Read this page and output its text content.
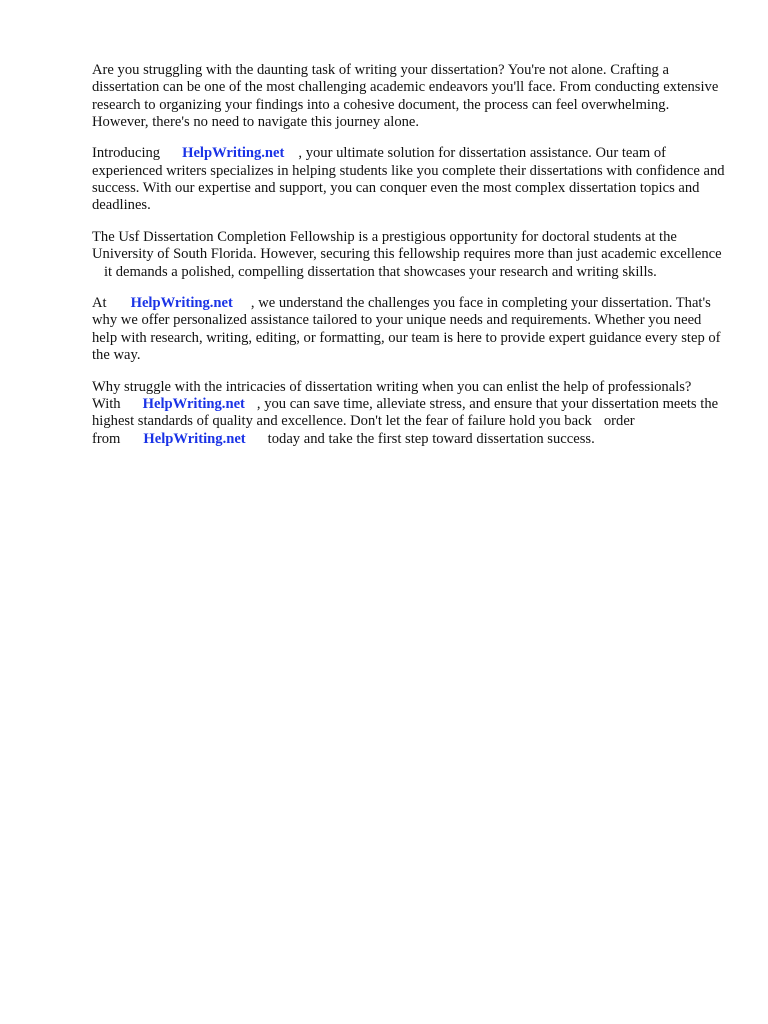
Are you struggling with the daunting task of writing your dissertation? You're not alone. Crafting a dissertation can be one of the most challenging academic endeavors you'll face. From conducting extensive research to organizing your findings into a cohesive document, the process can feel overwhelming. However, there's no need to navigate this journey alone.

Introducing HelpWriting.net , your ultimate solution for dissertation assistance. Our team of experienced writers specializes in helping students like you complete their dissertations with confidence and success. With our expertise and support, you can conquer even the most complex dissertation topics and deadlines.

The Usf Dissertation Completion Fellowship is a prestigious opportunity for doctoral students at the University of South Florida. However, securing this fellowship requires more than just academic excellenceit demands a polished, compelling dissertation that showcases your research and writing skills.

At HelpWriting.net , we understand the challenges you face in completing your dissertation. That's why we offer personalized assistance tailored to your unique needs and requirements. Whether you need help with research, writing, editing, or formatting, our team is here to provide expert guidance every step of the way.

Why struggle with the intricacies of dissertation writing when you can enlist the help of professionals? With HelpWriting.net , you can save time, alleviate stress, and ensure that your dissertation meets the highest standards of quality and excellence. Don't let the fear of failure hold you back order from HelpWriting.net today and take the first step toward dissertation success.
